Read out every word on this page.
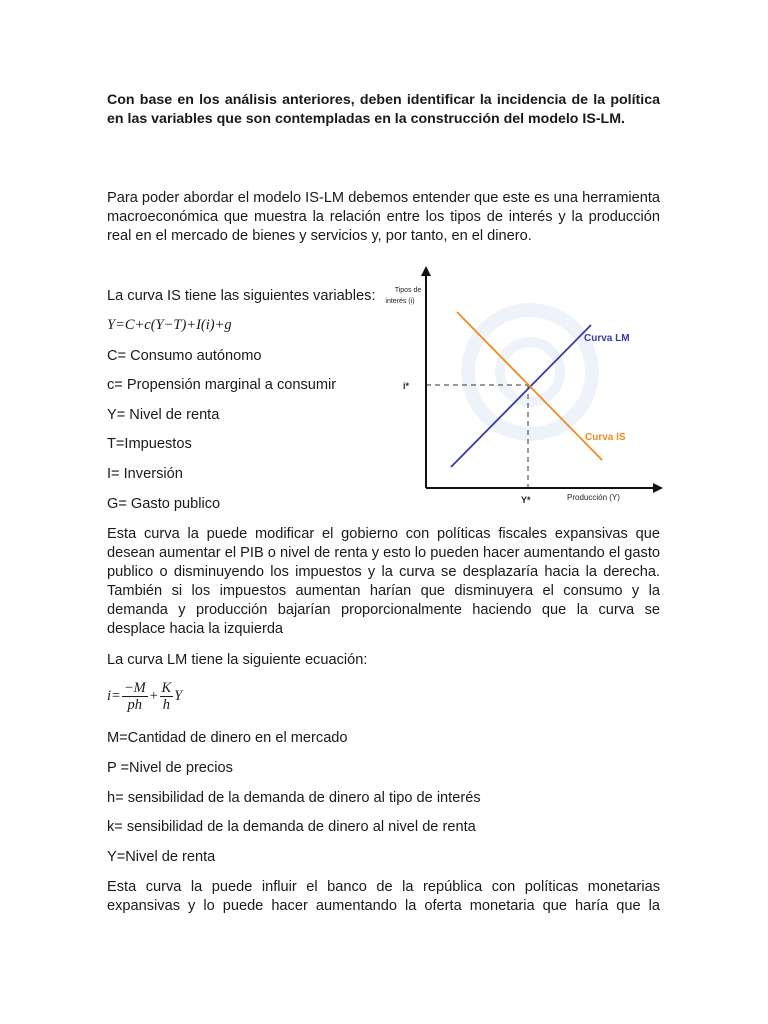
Con base en los análisis anteriores, deben identificar la incidencia de la política en las variables que son contempladas en la construcción del modelo IS-LM.

Para poder abordar el modelo IS-LM debemos entender que este es una herramienta macroeconómica que muestra la relación entre los tipos de interés y la producción real en el mercado de bienes y servicios y, por tanto, en el dinero.

La curva IS tiene las siguientes variables:
Y=C+c(Y−T)+I(i)+g
C= Consumo autónomo
c= Propensión marginal a consumir
Y= Nivel de renta
T=Impuestos
I= Inversión
G= Gasto publico

Esta curva la puede modificar el gobierno con políticas fiscales expansivas que desean aumentar el PIB o nivel de renta y esto lo pueden hacer aumentando el gasto publico o disminuyendo los impuestos y la curva se desplazaría hacia la derecha. También si los impuestos aumentan harían que disminuyera el consumo y la demanda y producción bajarían proporcionalmente haciendo que la curva se desplace hacia la izquierda

La curva LM tiene la siguiente ecuación:
$i= \frac{-M}{ph} + \frac{K}{h}$ Y
M=Cantidad de dinero en el mercado
P =Nivel de precios
h= sensibilidad de la demanda de dinero al tipo de interés
k= sensibilidad de la demanda de dinero al nivel de renta
Y=Nivel de renta

Esta curva la puede influir el banco de la república con políticas monetarias expansivas y lo puede hacer aumentando la oferta monetaria que haría que la

Tipos de
interés (i)
i*
Y*	Producción (Y)
Curva LM
Curva IS
